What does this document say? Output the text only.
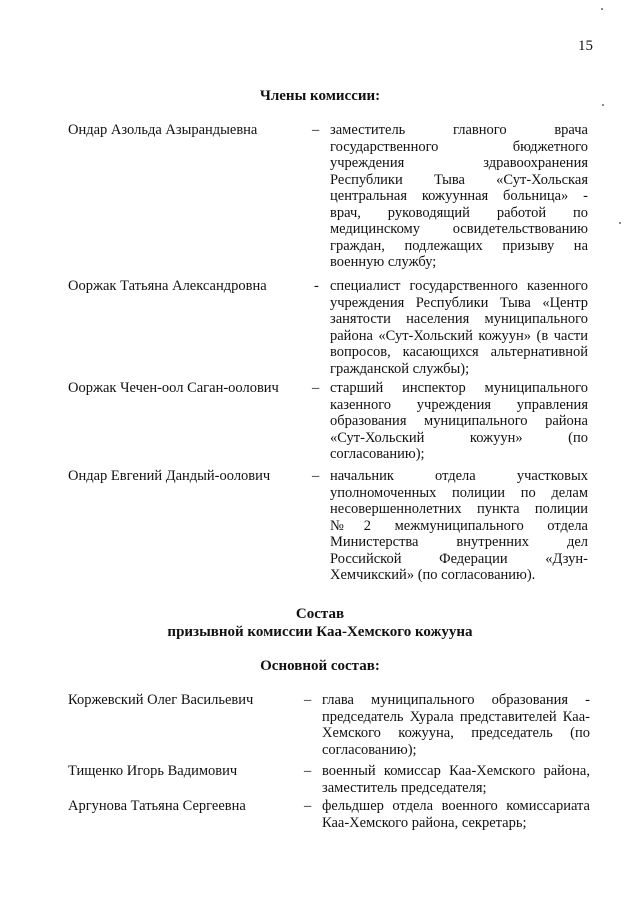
15
Члены комиссии:
Ондар Азольда Азырандыевна	– заместитель главного врача государственного бюджетного учреждения здравоохранения Республики Тыва «Сут-Хольская центральная кожуунная больница» - врач, руководящий работой по медицинскому освидетельствованию граждан, подлежащих призыву на военную службу;
Ооржак Татьяна Александровна	- специалист государственного казенного учреждения Республики Тыва «Центр занятости населения муниципального района «Сут-Хольский кожуун» (в части вопросов, касающихся альтернативной гражданской службы);
Ооржак Чечен-оол Саган-оолович – старший инспектор муниципального казенного учреждения управления образования муниципального района «Сут-Хольский кожуун» (по согласованию);
Ондар Евгений Дандый-оолович	– начальник отдела участковых уполномоченных полиции по делам несовершеннолетних пункта полиции №2 межмуниципального отдела Министерства внутренних дел Российской Федерации «Дзун-Хемчикский» (по согласованию).
Состав
призывной комиссии Каа-Хемского кожууна
Основной состав:
Коржевский Олег Васильевич	– глава муниципального образования - председатель Хурала представителей Каа-Хемского кожууна, председатель (по согласованию);
Тищенко Игорь Вадимович	– военный комиссар Каа-Хемского района, заместитель председателя;
Аргунова Татьяна Сергеевна	– фельдшер отдела военного комиссариата Каа-Хемского района, секретарь;
